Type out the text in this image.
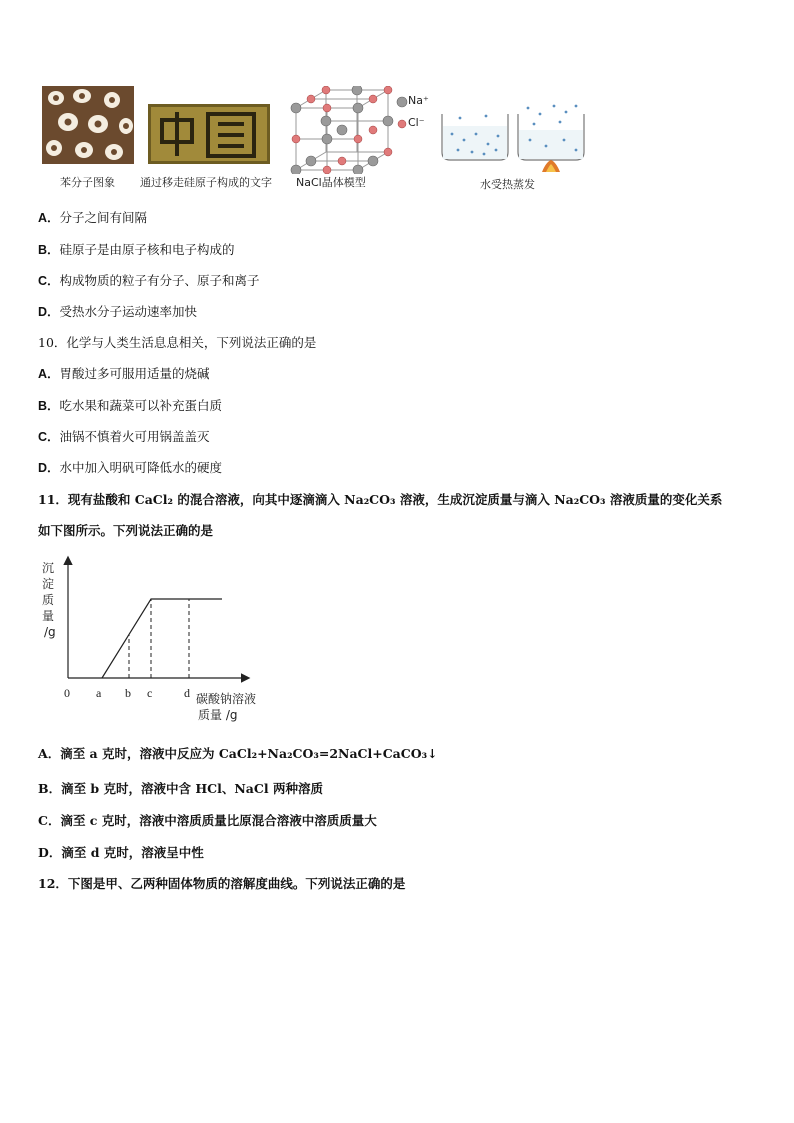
苯分子图象 通过移走硅原子构成的文字
Na⁺
Cl⁻
NaCl晶体模型	水受热蒸发
A．分子之间有间隔
B．硅原子是由原子核和电子构成的
C．构成物质的粒子有分子、原子和离子
D．受热水分子运动速率加快
10．化学与人类生活息息相关，下列说法正确的是
A．胃酸过多可服用适量的烧碱
B．吃水果和蔬菜可以补充蛋白质
C．油锅不慎着火可用锅盖盖灭
D．水中加入明矾可降低水的硬度
11．现有盐酸和 CaCl₂ 的混合溶液，向其中逐滴滴入 Na₂CO₃ 溶液，生成沉淀质量与滴入 Na₂CO₃ 溶液质量的变化关系
如下图所示。下列说法正确的是
沉
淀
质
量
/g
0 a b c	d 碳酸钠溶液
质量 /g
A．滴至 a 克时，溶液中反应为 CaCl₂+Na₂CO₃=2NaCl+CaCO₃↓
B．滴至 b 克时，溶液中含 HCl、NaCl 两种溶质
C．滴至 c 克时，溶液中溶质质量比原混合溶液中溶质质量大
D．滴至 d 克时，溶液呈中性
12．下图是甲、乙两种固体物质的溶解度曲线。下列说法正确的是
